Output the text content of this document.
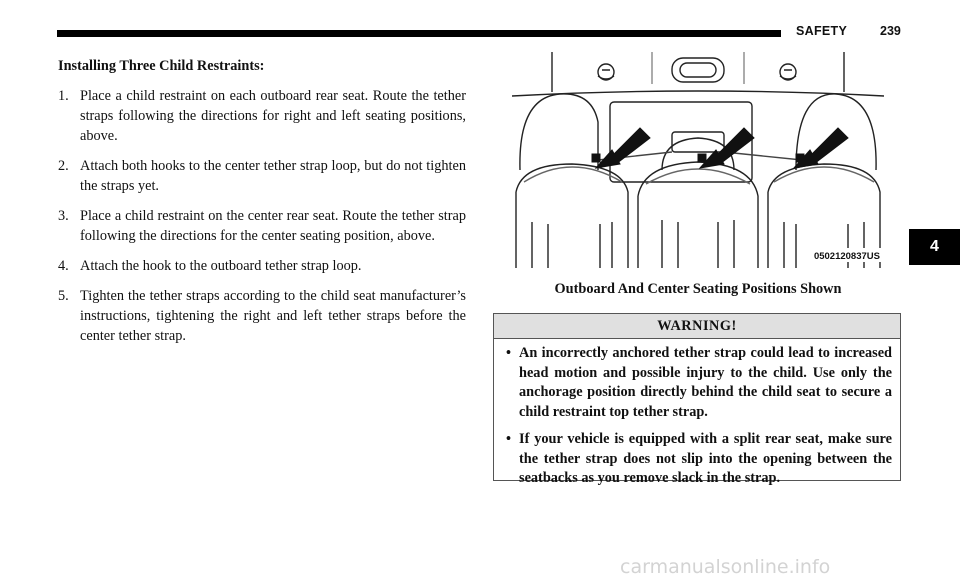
SAFETY	239

Installing Three Child Restraints:

1. Place a child restraint on each outboard rear seat. Route the tether straps following the directions for right and left seating positions, above.
2. Attach both hooks to the center tether strap loop, but do not tighten the straps yet.
3. Place a child restraint on the center rear seat. Route the tether strap following the directions for the center seating position, above.
4. Attach the hook to the outboard tether strap loop.
5. Tighten the tether straps according to the child seat manufacturer’s instructions, tightening the right and left tether straps before the center tether strap.
0502120837US
Outboard And Center Seating Positions Shown
WARNING!
• An incorrectly anchored tether strap could lead to increased head motion and possible injury to the child. Use only the anchorage position directly behind the child seat to secure a child restraint top tether strap.
• If your vehicle is equipped with a split rear seat, make sure the tether strap does not slip into the opening between the seatbacks as you remove slack in the strap.
4
carmanualsonline.info
